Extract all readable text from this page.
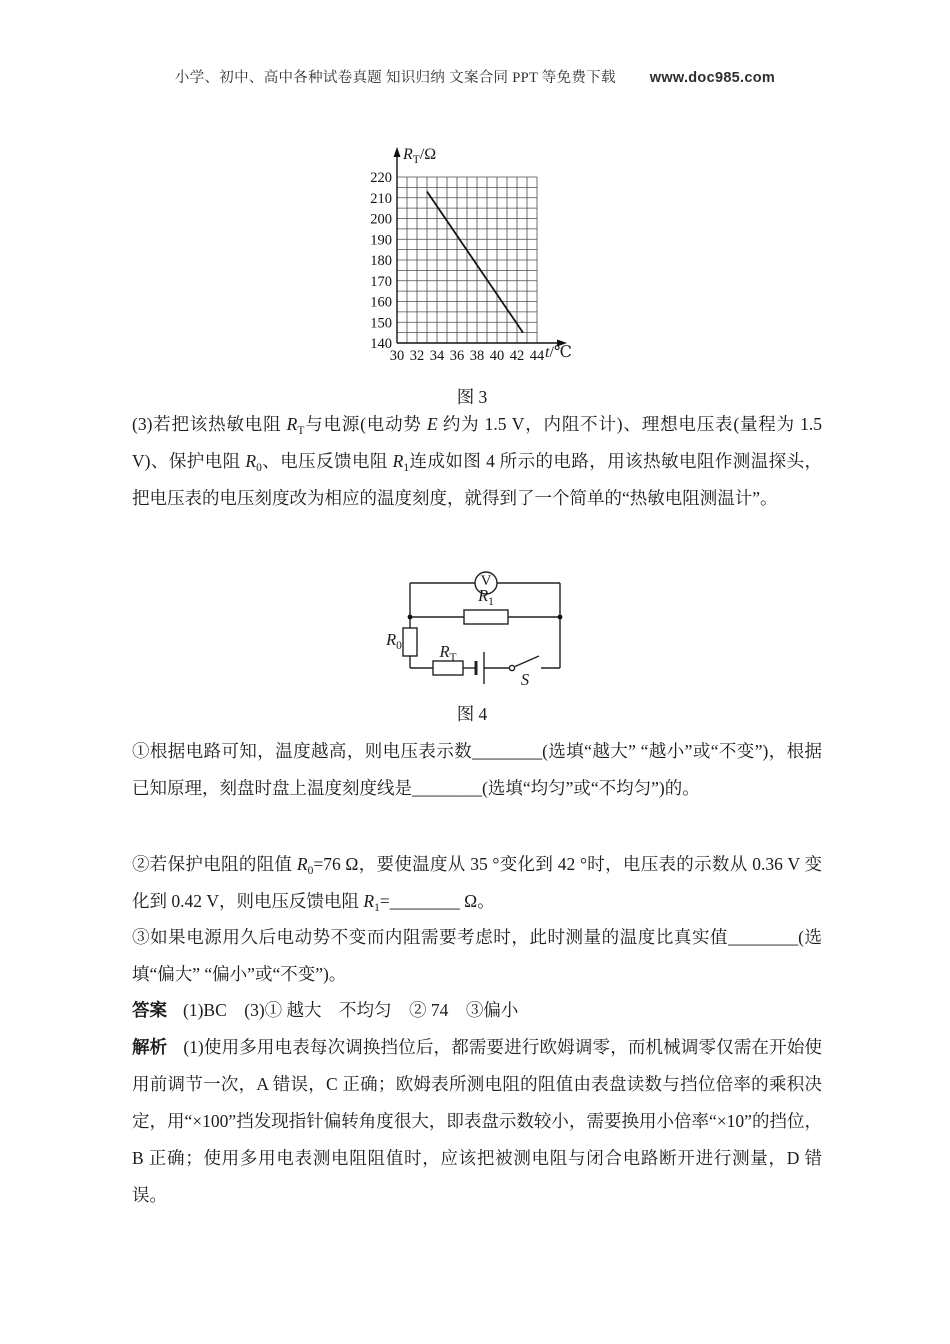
小学、初中、高中各种试卷真题 知识归纳 文案合同 PPT 等免费下载 www.doc985.com
30 32 34 36 38 40 42 44
140
150
160
170
180
190
200
210
220
$R_T/\Omega$
t/℃
图 3
(3)若把该热敏电阻 $R_T$与电源(电动势 E 约为 1.5 V，内阻不计)、理想电压表(量程为 1.5 V)、保护电阻 $R_0$、电压反馈电阻 $R_1$连成如图 4 所示的电路，用该热敏电阻作测温探头，把电压表的电压刻度改为相应的温度刻度，就得到了一个简单的“热敏电阻测温计”。
V
$R_1$
$R_0$	$R_T$
S
图 4
①根据电路可知，温度越高，则电压表示数________(选填“越大” “越小”或“不变”)，根据已知原理，刻盘时盘上温度刻度线是________(选填“均匀”或“不均匀”)的。
②若保护电阻的阻值 $R_0=76$ Ω，要使温度从 35 °变化到 42 °时，电压表的示数从 0.36 V 变化到 0.42 V，则电压反馈电阻 $R_1=\_\_\_\_\_\_\_\_$ Ω。
③如果电源用久后电动势不变而内阻需要考虑时，此时测量的温度比真实值________(选填“偏大” “偏小”或“不变”)。
答案 (1)BC　(3)① 越大　不均匀　② 74　③偏小
解析 (1)使用多用电表每次调换挡位后，都需要进行欧姆调零，而机械调零仅需在开始使用前调节一次，A 错误，C 正确；欧姆表所测电阻的阻值由表盘读数与挡位倍率的乘积决定，用“×100”挡发现指针偏转角度很大，即表盘示数较小，需要换用小倍率“×10”的挡位，B 正确；使用多用电表测电阻阻值时，应该把被测电阻与闭合电路断开进行测量，D 错误。
